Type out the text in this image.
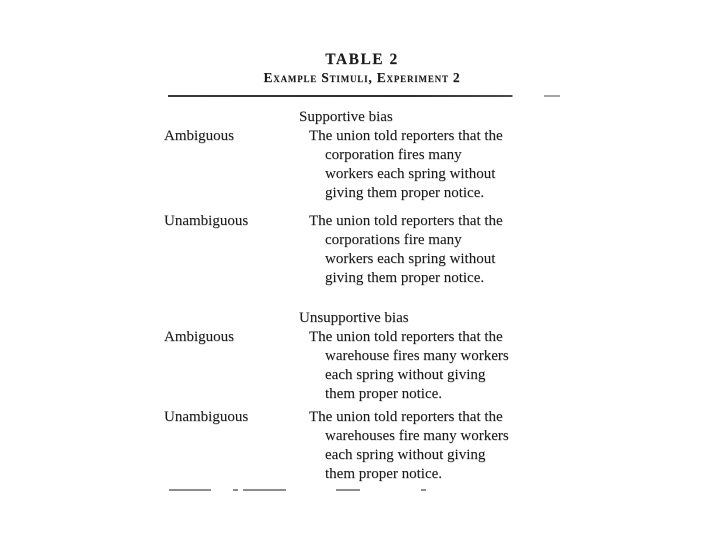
TABLE 2
Example Stimuli, Experiment 2
Supportive bias
Ambiguous	The union told reporters that the
corporation fires many
workers each spring without
giving them proper notice.
Unambiguous	The union told reporters that the
corporations fire many
workers each spring without
giving them proper notice.
Unsupportive bias
Ambiguous	The union told reporters that the
warehouse fires many workers
each spring without giving
them proper notice.
Unambiguous	The union told reporters that the
warehouses fire many workers
each spring without giving
them proper notice.
